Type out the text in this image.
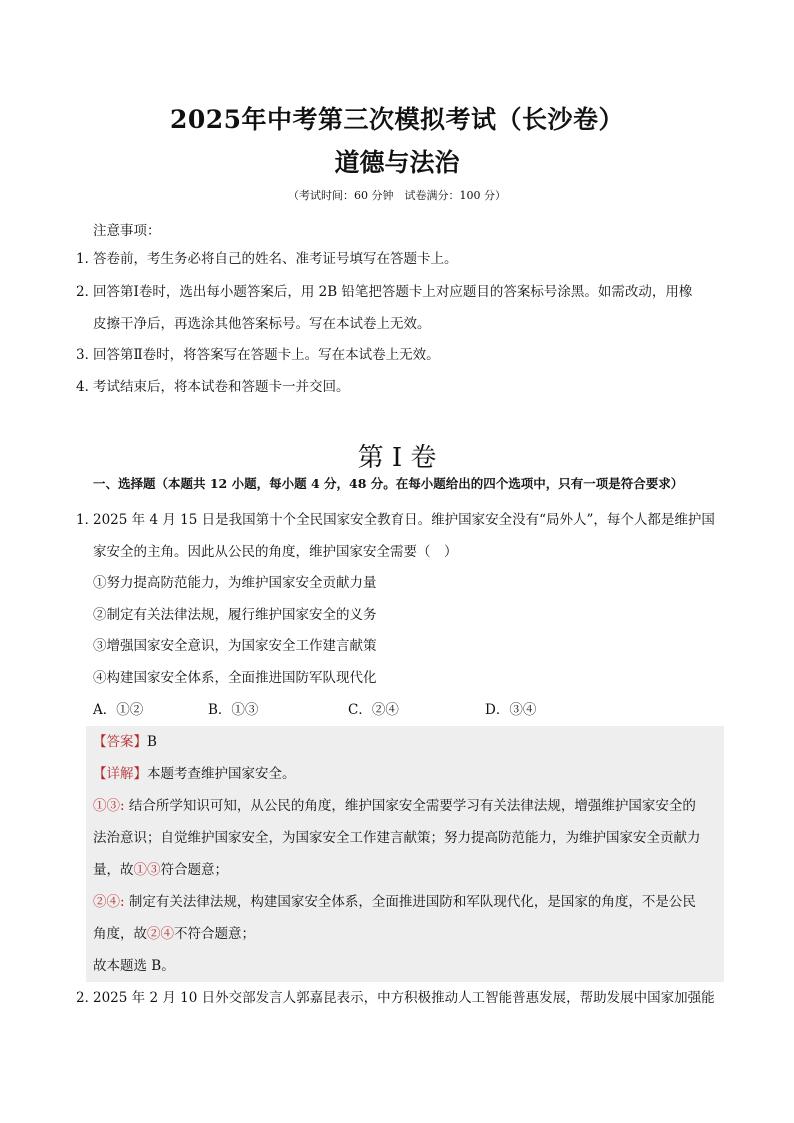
2025年中考第三次模拟考试（长沙卷）
道德与法治
（考试时间：60 分钟　试卷满分：100 分）
注意事项：
1．
答卷前，考生务必将自己的姓名、准考证号填写在答题卡上。
2．
回答第Ⅰ卷时，选出每小题答案后，用 2B 铅笔把答题卡上对应题目的答案标号涂黑。如需改动，用橡
皮擦干净后，再选涂其他答案标号。写在本试卷上无效。
3．
回答第Ⅱ卷时，将答案写在答题卡上。写在本试卷上无效。
4．
考试结束后，将本试卷和答题卡一并交回。
第 I 卷
一、选择题（本题共 12 小题，每小题 4 分，48 分。在每小题给出的四个选项中，只有一项是符合要求）
1．
2025 年 4 月 15 日是我国第十个全民国家安全教育日。维护国家安全没有“局外人”，每个人都是维护国
家安全的主角。因此从公民的角度，维护国家安全需要（　）
①努力提高防范能力，为维护国家安全贡献力量
②制定有关法律法规，履行维护国家安全的义务
③增强国家安全意识，为国家安全工作建言献策
④构建国家安全体系，全面推进国防军队现代化
A．①②	B．①③	C．②④	D．③④
【答案】B
【详解】本题考查维护国家安全。
①③: 结合所学知识可知，从公民的角度，维护国家安全需要学习有关法律法规，增强维护国家安全的
法治意识；自觉维护国家安全，为国家安全工作建言献策；努力提高防范能力，为维护国家安全贡献力
量，故①③符合题意；
②④: 制定有关法律法规，构建国家安全体系，全面推进国防和军队现代化，是国家的角度，不是公民
角度，故②④不符合题意；
故本题选 B。
2．
2025 年 2 月 10 日外交部发言人郭嘉昆表示，中方积极推动人工智能普惠发展，帮助发展中国家加强能
